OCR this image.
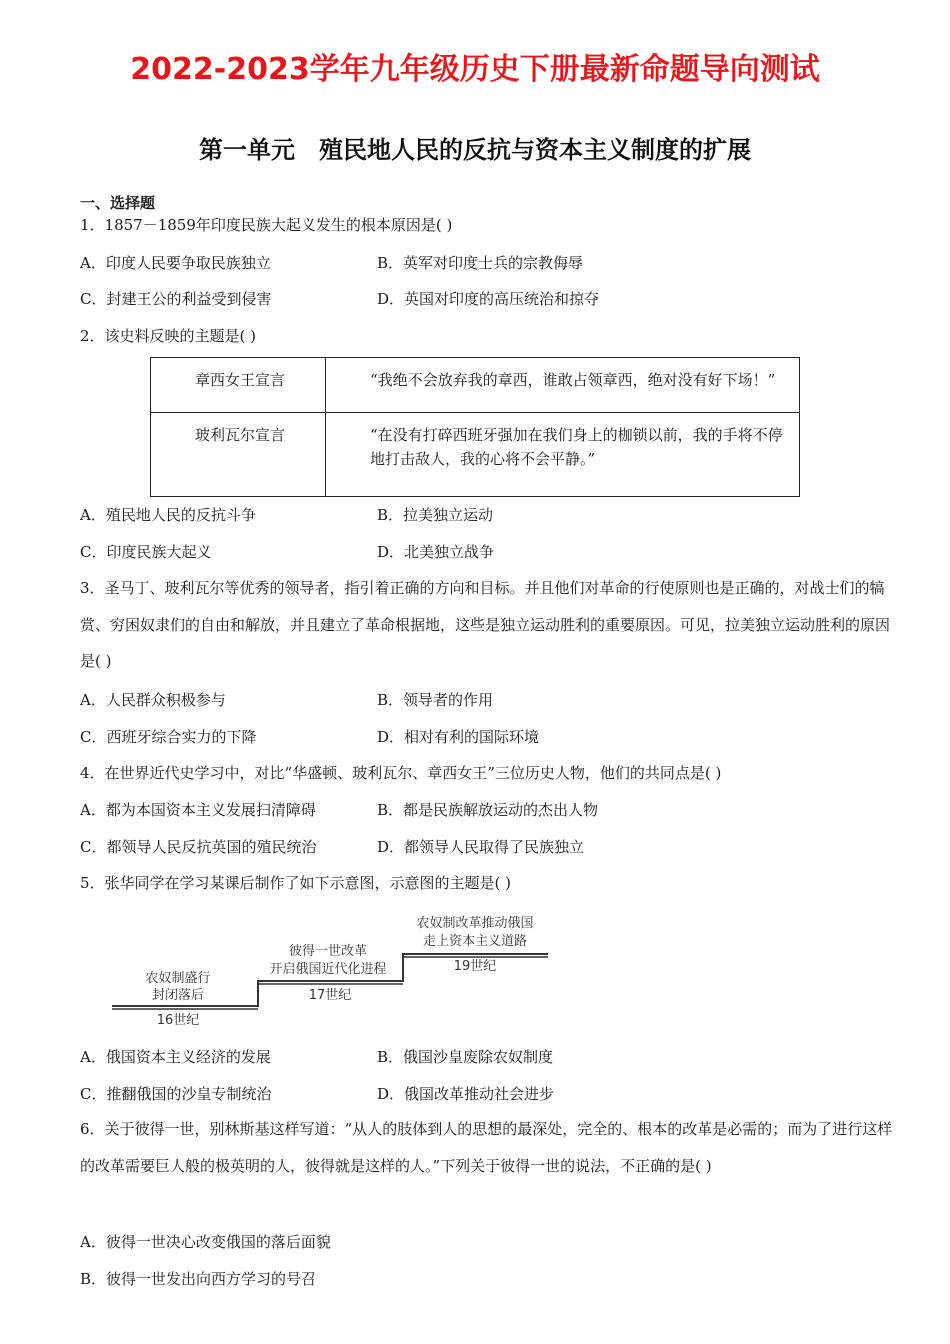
2022-2023学年九年级历史下册最新命题导向测试
第一单元　殖民地人民的反抗与资本主义制度的扩展
一、选择题
1．1857－1859年印度民族大起义发生的根本原因是( )
A．印度人民要争取民族独立	B．英军对印度士兵的宗教侮辱
C．封建王公的利益受到侵害	D．英国对印度的高压统治和掠夺
2．该史料反映的主题是( )
章西女王宣言	“我绝不会放弃我的章西，谁敢占领章西，绝对没有好下场！”
玻利瓦尔宣言	“在没有打碎西班牙强加在我们身上的枷锁以前，我的手将不停地打击敌人，我的心将不会平静。”
A．殖民地人民的反抗斗争	B．拉美独立运动
C．印度民族大起义	D．北美独立战争
3．圣马丁、玻利瓦尔等优秀的领导者，指引着正确的方向和目标。并且他们对革命的行使原则也是正确的，对战士们的犒赏、穷困奴隶们的自由和解放，并且建立了革命根据地，这些是独立运动胜利的重要原因。可见，拉美独立运动胜利的原因是( )
A．人民群众积极参与	B．领导者的作用
C．西班牙综合实力的下降	D．相对有利的国际环境
4．在世界近代史学习中，对比“华盛顿、玻利瓦尔、章西女王”三位历史人物，他们的共同点是( )
A．都为本国资本主义发展扫清障碍	B．都是民族解放运动的杰出人物
C．都领导人民反抗英国的殖民统治	D．都领导人民取得了民族独立
5．张华同学在学习某课后制作了如下示意图，示意图的主题是( )
农奴制盛行
封闭落后
16世纪
彼得一世改革
开启俄国近代化进程
17世纪
农奴制改革推动俄国
走上资本主义道路
19世纪
A．俄国资本主义经济的发展	B．俄国沙皇废除农奴制度
C．推翻俄国的沙皇专制统治	D．俄国改革推动社会进步
6．关于彼得一世，别林斯基这样写道：“从人的肢体到人的思想的最深处，完全的、根本的改革是必需的；而为了进行这样的改革需要巨人般的极英明的人，彼得就是这样的人。”下列关于彼得一世的说法，不正确的是( )
A．彼得一世决心改变俄国的落后面貌
B．彼得一世发出向西方学习的号召
